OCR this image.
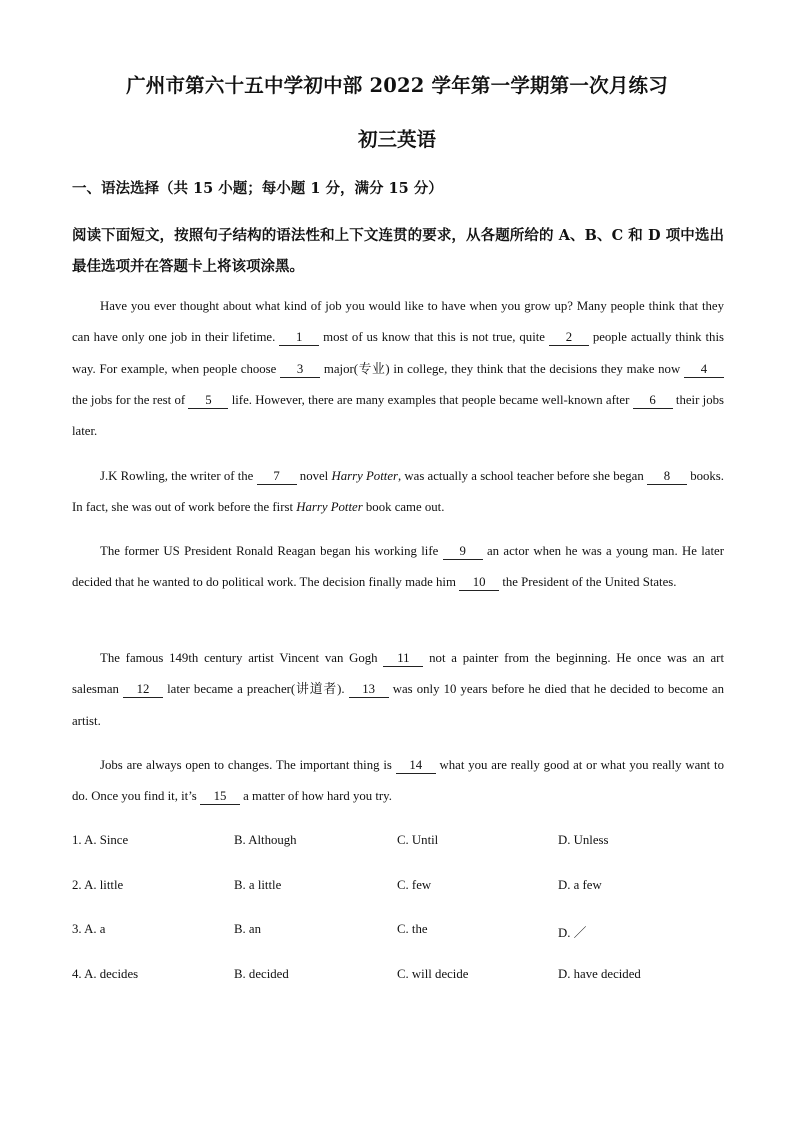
广州市第六十五中学初中部 2022 学年第一学期第一次月练习
初三英语
一、语法选择（共 15 小题；每小题 1 分，满分 15 分）
阅读下面短文，按照句子结构的语法性和上下文连贯的要求，从各题所给的 A、B、C 和 D 项中选出最佳选项并在答题卡上将该项涂黑。
Have you ever thought about what kind of job you would like to have when you grow up? Many people think that they can have only one job in their lifetime. 1 most of us know that this is not true, quite 2 people actually think this way. For example, when people choose 3 major(专业) in college, they think that the decisions they make now 4 the jobs for the rest of 5 life. However, there are many examples that people became well-known after 6 their jobs later.
J.K Rowling, the writer of the 7 novel Harry Potter, was actually a school teacher before she began 8 books. In fact, she was out of work before the first Harry Potter book came out.
The former US President Ronald Reagan began his working life 9 an actor when he was a young man. He later decided that he wanted to do political work. The decision finally made him 10 the President of the United States.
The famous 149th century artist Vincent van Gogh 11 not a painter from the beginning. He once was an art salesman 12 later became a preacher(讲道者). 13 was only 10 years before he died that he decided to become an artist.
Jobs are always open to changes. The important thing is 14 what you are really good at or what you really want to do. Once you find it, it’s 15 a matter of how hard you try.
1. A. Since	B. Although	C. Until	D. Unless
2. A. little	B. a little	C. few	D. a few
3. A. a	B. an	C. the	D. ／
4. A. decides	B. decided	C. will decide	D. have decided
